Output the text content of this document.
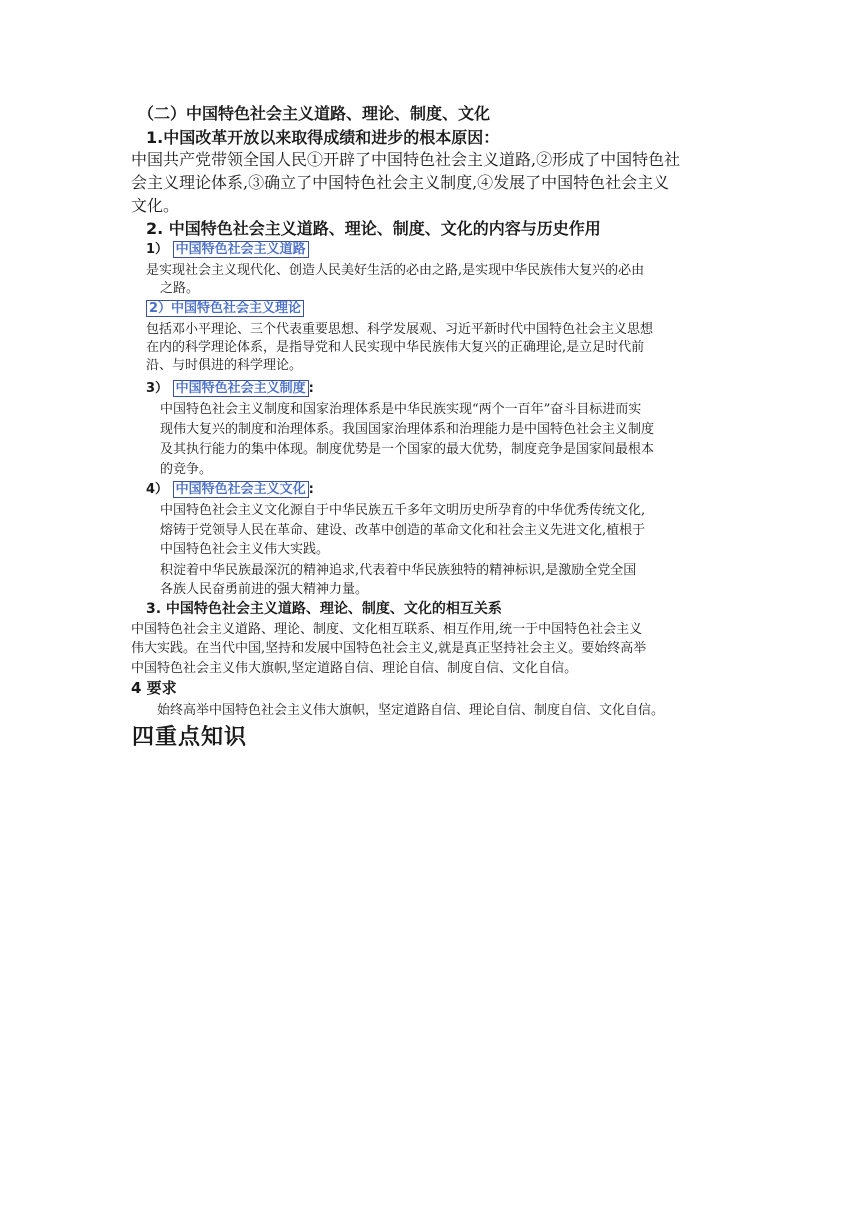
（二）中国特色社会主义道路、理论、制度、文化
1.中国改革开放以来取得成绩和进步的根本原因：
中国共产党带领全国人民①开辟了中国特色社会主义道路,②形成了中国特色社
会主义理论体系,③确立了中国特色社会主义制度,④发展了中国特色社会主义
文化。
2. 中国特色社会主义道路、理论、制度、文化的内容与历史作用
1） 中国特色社会主义道路
是实现社会主义现代化、创造人民美好生活的必由之路,是实现中华民族伟大复兴的必由
之路。
2）中国特色社会主义理论
包括邓小平理论、三个代表重要思想、科学发展观、习近平新时代中国特色社会主义思想
在内的科学理论体系，是指导党和人民实现中华民族伟大复兴的正确理论,是立足时代前
沿、与时俱进的科学理论。
3） 中国特色社会主义制度 :
中国特色社会主义制度和国家治理体系是中华民族实现“两个一百年”奋斗目标进而实
现伟大复兴的制度和治理体系。我国国家治理体系和治理能力是中国特色社会主义制度
及其执行能力的集中体现。制度优势是一个国家的最大优势，制度竞争是国家间最根本
的竞争。
4） 中国特色社会主义文化 :
中国特色社会主义文化源自于中华民族五千多年文明历史所孕育的中华优秀传统文化,
熔铸于党领导人民在革命、建设、改革中创造的革命文化和社会主义先进文化,植根于
中国特色社会主义伟大实践。
积淀着中华民族最深沉的精神追求,代表着中华民族独特的精神标识,是激励全党全国
各族人民奋勇前进的强大精神力量。
3. 中国特色社会主义道路、理论、制度、文化的相互关系
中国特色社会主义道路、理论、制度、文化相互联系、相互作用,统一于中国特色社会主义
伟大实践。在当代中国,坚持和发展中国特色社会主义,就是真正坚持社会主义。要始终高举
中国特色社会主义伟大旗帜,坚定道路自信、理论自信、制度自信、文化自信。
4 要求
始终高举中国特色社会主义伟大旗帜，坚定道路自信、理论自信、制度自信、文化自信。
四重点知识
